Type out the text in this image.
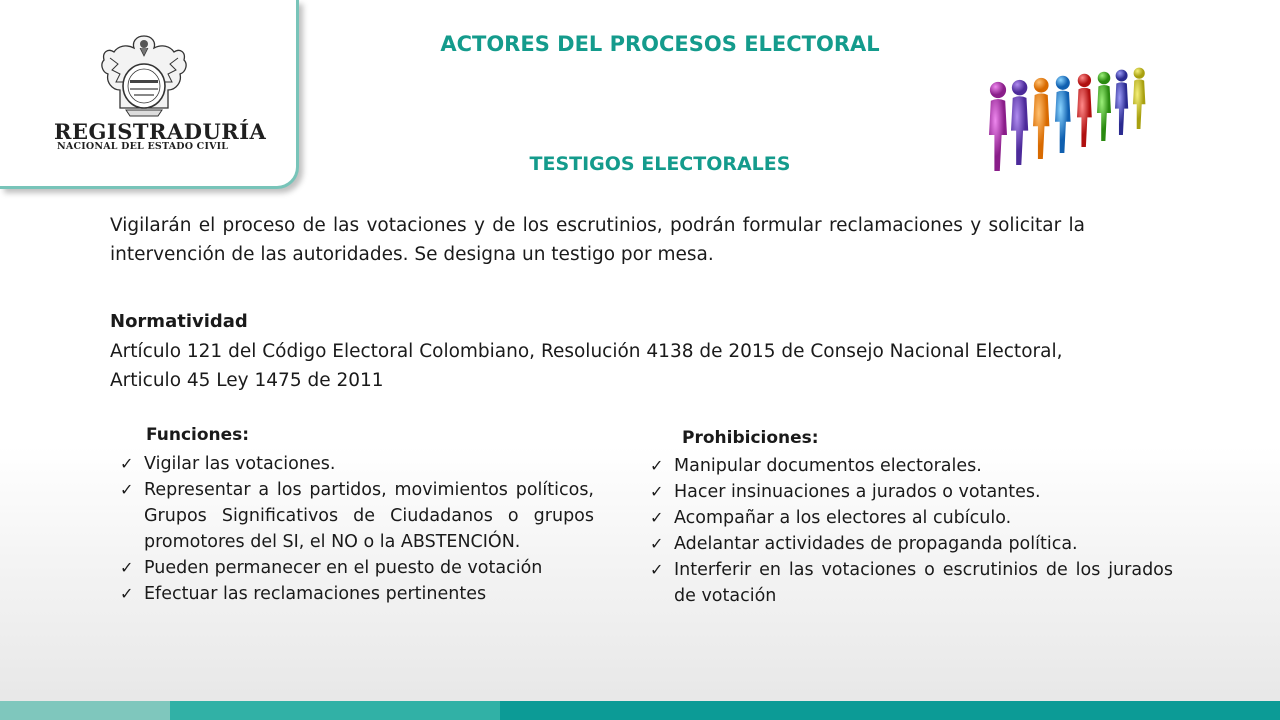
REGISTRADURÍA
NACIONAL DEL ESTADO CIVIL
ACTORES DEL PROCESOS ELECTORAL
TESTIGOS ELECTORALES
Vigilarán el proceso de las votaciones y de los escrutinios, podrán formular reclamaciones y solicitar la intervención de las autoridades. Se designa un testigo por mesa.
Normatividad
Artículo 121 del Código Electoral Colombiano, Resolución 4138 de 2015 de Consejo Nacional Electoral, Articulo 45 Ley 1475 de 2011
Funciones:
✓ Vigilar las votaciones.
✓ Representar a los partidos, movimientos políticos, Grupos Significativos de Ciudadanos o grupos promotores del SI, el NO o la ABSTENCIÓN.
✓ Pueden permanecer en el puesto de votación
✓ Efectuar las reclamaciones pertinentes
Prohibiciones:
✓ Manipular documentos electorales.
✓ Hacer insinuaciones a jurados o votantes.
✓ Acompañar a los electores al cubículo.
✓ Adelantar actividades de propaganda política.
✓ Interferir en las votaciones o escrutinios de los jurados de votación
